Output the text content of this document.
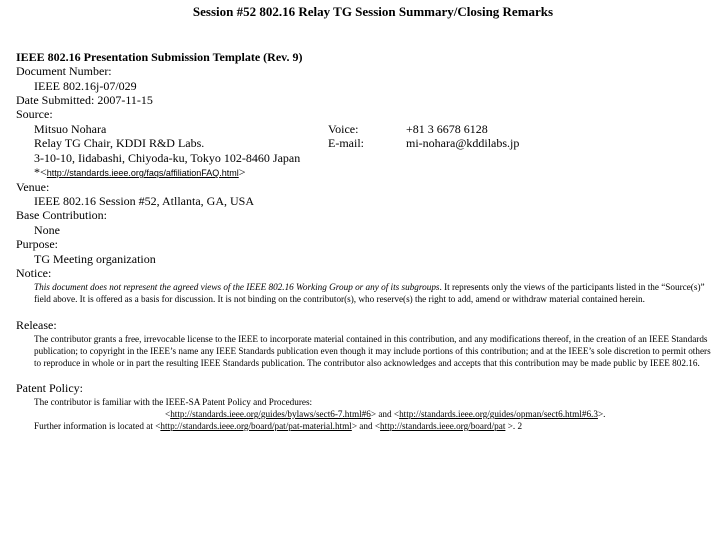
Session #52 802.16 Relay TG Session Summary/Closing Remarks
IEEE 802.16 Presentation Submission Template (Rev. 9)
Document Number:
IEEE 802.16j-07/029
Date Submitted: 2007-11-15
Source:
Mitsuo Nohara	Voice:	+81 3 6678 6128
Relay TG Chair, KDDI R&D Labs.	E-mail:	mi-nohara@kddilabs.jp
3-10-10, Iidabashi, Chiyoda-ku, Tokyo 102-8460 Japan
*<http://standards.ieee.org/faqs/affiliationFAQ.html>
Venue:
IEEE 802.16 Session #52, Atllanta, GA, USA
Base Contribution:
None
Purpose:
TG Meeting organization
Notice:
This document does not represent the agreed views of the IEEE 802.16 Working Group or any of its subgroups. It represents only the views of the participants listed in the “Source(s)” field above. It is offered as a basis for discussion. It is not binding on the contributor(s), who reserve(s) the right to add, amend or withdraw material contained herein.
Release:
The contributor grants a free, irrevocable license to the IEEE to incorporate material contained in this contribution, and any modifications thereof, in the creation of an IEEE Standards publication; to copyright in the IEEE’s name any IEEE Standards publication even though it may include portions of this contribution; and at the IEEE’s sole discretion to permit others to reproduce in whole or in part the resulting IEEE Standards publication. The contributor also acknowledges and accepts that this contribution may be made public by IEEE 802.16.
Patent Policy:
The contributor is familiar with the IEEE-SA Patent Policy and Procedures:
<http://standards.ieee.org/guides/bylaws/sect6-7.html#6> and <http://standards.ieee.org/guides/opman/sect6.html#6.3>.
Further information is located at <http://standards.ieee.org/board/pat/pat-material.html> and <http://standards.ieee.org/board/pat >. 2
